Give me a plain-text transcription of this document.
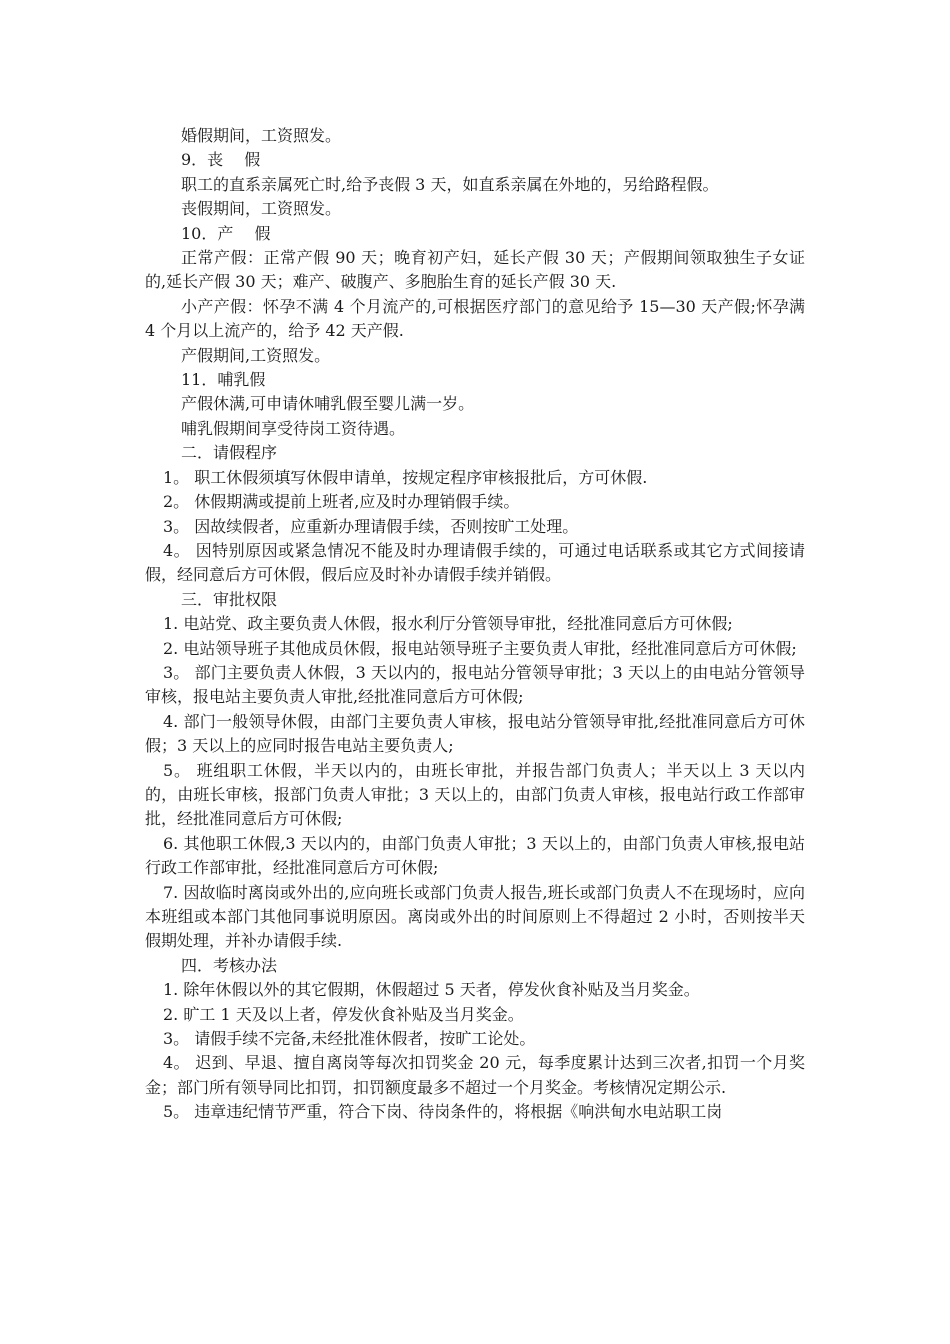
婚假期间，工资照发。

9．丧　 假

职工的直系亲属死亡时,给予丧假 3 天，如直系亲属在外地的，另给路程假。

丧假期间，工资照发。

10．产　 假

正常产假：正常产假 90 天；晚育初产妇，延长产假 30 天；产假期间领取独生子女证的,延长产假 30 天；难产、破腹产、多胞胎生育的延长产假 30 天.

小产产假：怀孕不满 4 个月流产的,可根据医疗部门的意见给予 15—30 天产假;怀孕满 4 个月以上流产的，给予 42 天产假.

产假期间,工资照发。

11．哺乳假

产假休满,可申请休哺乳假至婴儿满一岁。

哺乳假期间享受待岗工资待遇。

二．请假程序

1。 职工休假须填写休假申请单，按规定程序审核报批后，方可休假.

2。 休假期满或提前上班者,应及时办理销假手续。

3。 因故续假者，应重新办理请假手续，否则按旷工处理。

4。 因特别原因或紧急情况不能及时办理请假手续的，可通过电话联系或其它方式间接请假，经同意后方可休假，假后应及时补办请假手续并销假。

三．审批权限

1. 电站党、政主要负责人休假，报水利厅分管领导审批，经批准同意后方可休假;

2. 电站领导班子其他成员休假，报电站领导班子主要负责人审批，经批准同意后方可休假;

3。 部门主要负责人休假，3 天以内的，报电站分管领导审批；3 天以上的由电站分管领导审核，报电站主要负责人审批,经批准同意后方可休假;

4. 部门一般领导休假，由部门主要负责人审核，报电站分管领导审批,经批准同意后方可休假；3 天以上的应同时报告电站主要负责人;

5。 班组职工休假，半天以内的，由班长审批，并报告部门负责人；半天以上 3 天以内的，由班长审核，报部门负责人审批；3 天以上的，由部门负责人审核，报电站行政工作部审批，经批准同意后方可休假;

6. 其他职工休假,3 天以内的，由部门负责人审批；3 天以上的，由部门负责人审核,报电站行政工作部审批，经批准同意后方可休假;

7. 因故临时离岗或外出的,应向班长或部门负责人报告,班长或部门负责人不在现场时，应向本班组或本部门其他同事说明原因。离岗或外出的时间原则上不得超过 2 小时，否则按半天假期处理，并补办请假手续.

四．考核办法

1. 除年休假以外的其它假期，休假超过 5 天者，停发伙食补贴及当月奖金。

2. 旷工 1 天及以上者，停发伙食补贴及当月奖金。

3。 请假手续不完备,未经批准休假者，按旷工论处。

4。 迟到、早退、擅自离岗等每次扣罚奖金 20 元，每季度累计达到三次者,扣罚一个月奖金；部门所有领导同比扣罚，扣罚额度最多不超过一个月奖金。考核情况定期公示.

5。 违章违纪情节严重，符合下岗、待岗条件的，将根据《响洪甸水电站职工岗
